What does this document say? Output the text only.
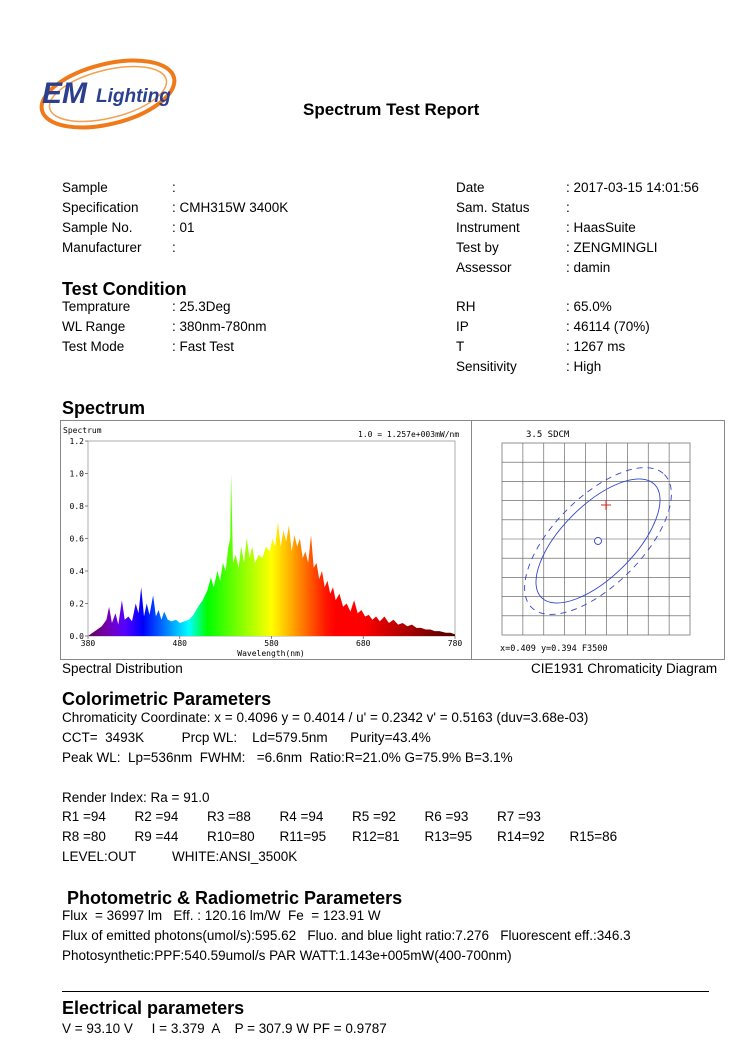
EM Lighting
Spectrum Test Report
Sample	:
Specification : CMH315W 3400K
Sample No.	: 01
Manufacturer :
Date	: 2017-03-15 14:01:56
Sam. Status	:
Instrument	: HaasSuite
Test by	: ZENGMINGLI
Assessor	: damin
Test Condition
Temprature	: 25.3Deg
WL Range	: 380nm-780nm
Test Mode	: Fast Test
RH	: 65.0%
IP	: 46114 (70%)
T	: 1267 ms
Sensitivity	: High
Spectrum
0.0
0.2
0.4
0.6
0.8
1.0
1.2
380	480	580	680	780
Spectrum	1.0 = 1.257e+003mW/nm
Wavelength(nm)
3.5 SDCM
x=0.409 y=0.394 F3500
Spectral Distribution	CIE1931 Chromaticity Diagram
Colorimetric Parameters
Chromaticity Coordinate: x = 0.4096 y = 0.4014 / u' = 0.2342 v' = 0.5163 (duv=3.68e-03)
CCT=  3493K          Prcp WL:    Ld=579.5nm      Purity=43.4%
Peak WL:  Lp=536nm  FWHM:   =6.6nm  Ratio:R=21.0% G=75.9% B=3.1%
Render Index: Ra = 91.0
R1 =94 R2 =94 R3 =88 R4 =94 R5 =92 R6 =93 R7 =93
R8 =80 R9 =44 R10=80 R11=95 R12=81 R13=95 R14=92 R15=86
LEVEL:OUT	WHITE:ANSI_3500K
Photometric & Radiometric Parameters
Flux  = 36997 lm   Eff. : 120.16 lm/W  Fe  = 123.91 W
Flux of emitted photons(umol/s):595.62   Fluo. and blue light ratio:7.276   Fluorescent eff.:346.3
Photosynthetic:PPF:540.59umol/s PAR WATT:1.143e+005mW(400-700nm)
Electrical parameters
V = 93.10 V     I = 3.379  A    P = 307.9 W PF = 0.9787
